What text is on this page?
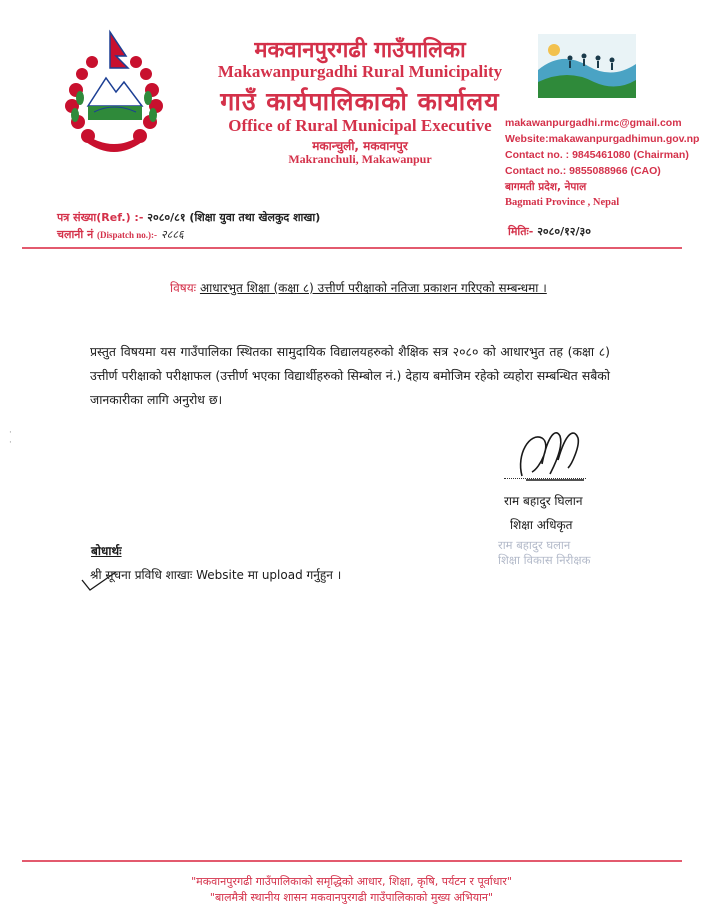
मकवानपुरगढी गाउँपालिका
Makawanpurgadhi Rural Municipality
गाउँ कार्यपालिकाको कार्यालय
Office of Rural Municipal Executive
मकान्चुली, मकवानपुर
Makranchuli, Makawanpur
makawanpurgadhi.rmc@gmail.com
Website:makawanpurgadhimun.gov.np
Contact no. : 9845461080 (Chairman)
Contact no.: 9855088966 (CAO)
बागमती प्रदेश, नेपाल
Bagmati Province , Nepal
पत्र संख्या(Ref.) :- २०८०/८१ (शिक्षा युवा तथा खेलकुद शाखा)
चलानी नं (Dispatch no.):- २८८६	मितिः- २०८०/१२/३०
विषयः आधारभुत शिक्षा (कक्षा ८) उत्तीर्ण परीक्षाको नतिजा प्रकाशन गरिएको सम्बन्धमा ।
प्रस्तुत विषयमा यस गाउँपालिका स्थितका सामुदायिक विद्यालयहरुको शैक्षिक सत्र २०८० को आधारभुत तह (कक्षा ८) उत्तीर्ण परीक्षाको परीक्षाफल (उत्तीर्ण भएका विद्यार्थीहरुको सिम्बोल नं.) देहाय बमोजिम रहेको व्यहोरा सम्बन्धित सबैको जानकारीका लागि अनुरोध छ।
राम बहादुर घिलान
शिक्षा अधिकृत
राम बहादुर घलान
शिक्षा विकास निरीक्षक
बोधार्थः
श्री सूचना प्रविधि शाखाः Website मा upload गर्नुहुन ।
·
·
"मकवानपुरगढी गाउँपालिकाको समृद्धिको आधार, शिक्षा, कृषि, पर्यटन र पूर्वाधार"
"बालमैत्री स्थानीय शासन मकवानपुरगढी गाउँपालिकाको मुख्य अभियान"
